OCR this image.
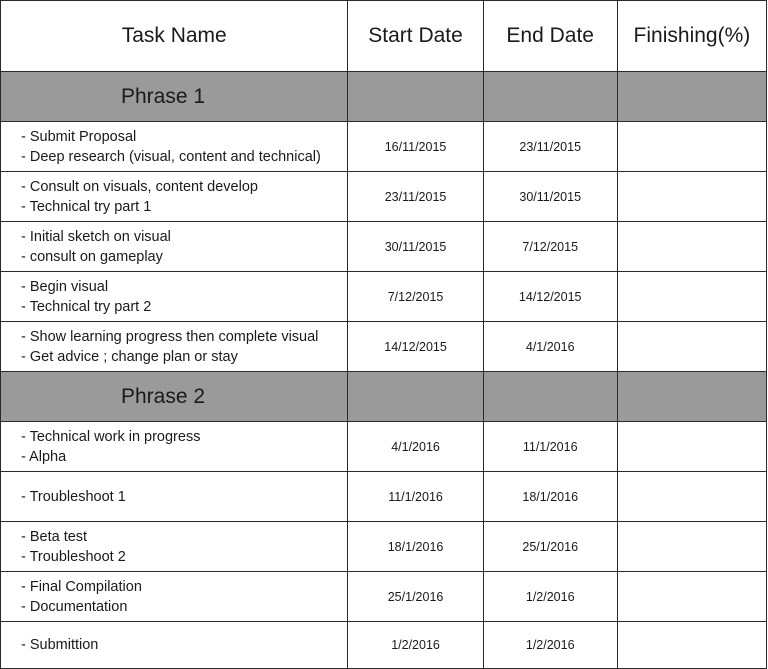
Task Name	Start Date	End Date	Finishing(%)
Phrase 1			

- Submit Proposal
- Deep research (visual, content and technical)	16/11/2015	23/11/2015	

- Consult on visuals, content develop
- Technical try part 1	23/11/2015	30/11/2015	

- Initial sketch on visual
- consult on gameplay	30/11/2015	7/12/2015	

- Begin visual
- Technical try part 2	7/12/2015	14/12/2015	

- Show learning progress then complete visual
- Get advice ; change plan or stay	14/12/2015	4/1/2016	
Phrase 2			

- Technical work in progress
- Alpha	4/1/2016	11/1/2016	

- Troubleshoot 1	11/1/2016	18/1/2016	

- Beta test
- Troubleshoot 2	18/1/2016	25/1/2016	

- Final Compilation
- Documentation	25/1/2016	1/2/2016	

- Submittion	1/2/2016	1/2/2016	
